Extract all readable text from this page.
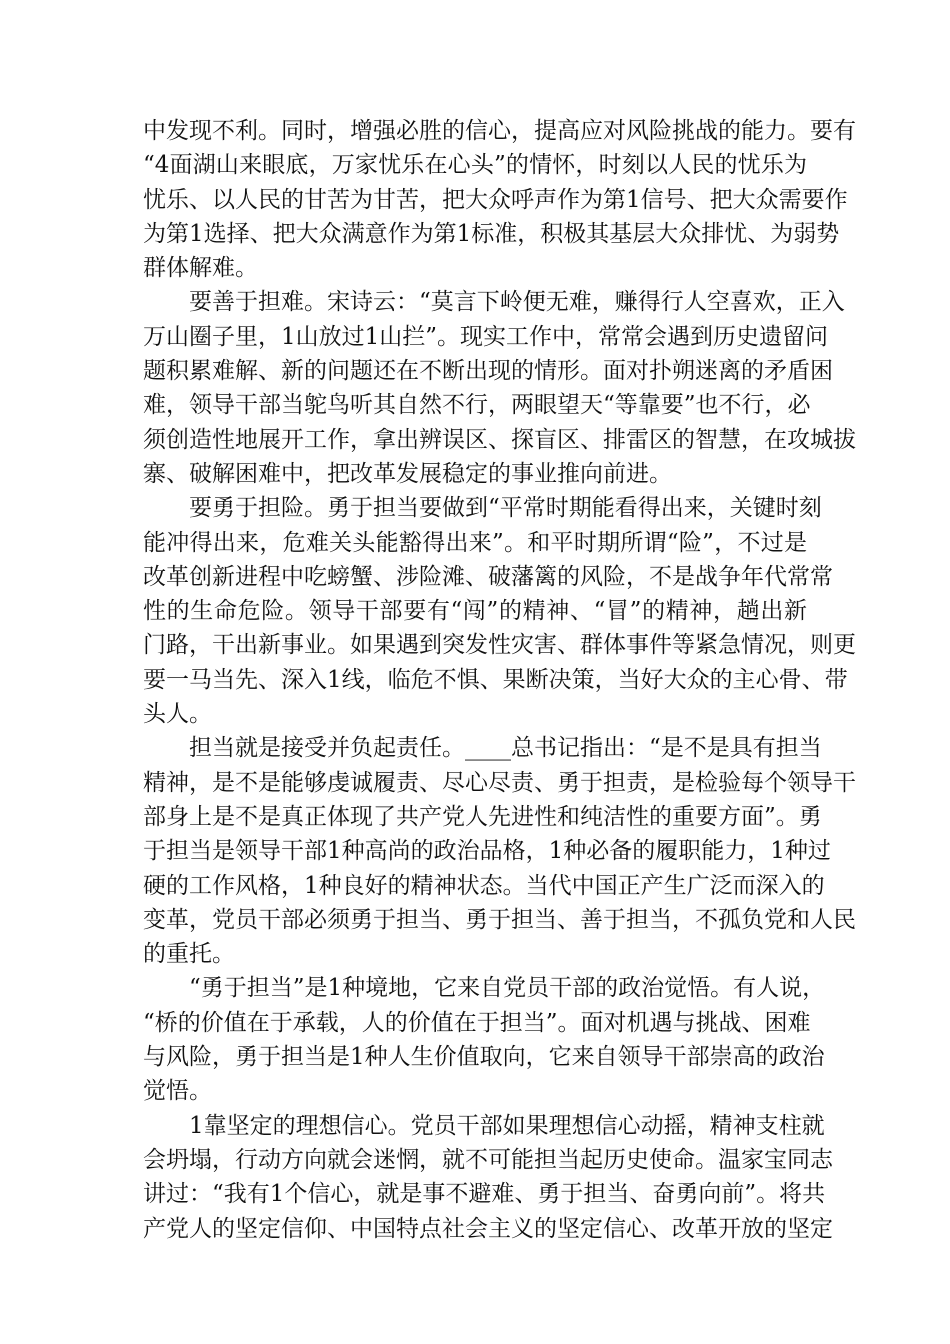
中发现不利。同时，增强必胜的信心，提高应对风险挑战的能力。要有

“4面湖山来眼底，万家忧乐在心头”的情怀，时刻以人民的忧乐为

忧乐、以人民的甘苦为甘苦，把大众呼声作为第1信号、把大众需要作

为第1选择、把大众满意作为第1标准，积极其基层大众排忧、为弱势

群体解难。

要善于担难。宋诗云：“莫言下岭便无难，赚得行人空喜欢，正入

万山圈子里，1山放过1山拦”。现实工作中，常常会遇到历史遗留问

题积累难解、新的问题还在不断出现的情形。面对扑朔迷离的矛盾困

难，领导干部当鸵鸟听其自然不行，两眼望天“等靠要”也不行，必

须创造性地展开工作，拿出辨误区、探盲区、排雷区的智慧，在攻城拔

寨、破解困难中，把改革发展稳定的事业推向前进。

要勇于担险。勇于担当要做到“平常时期能看得出来，关键时刻

能冲得出来，危难关头能豁得出来”。和平时期所谓“险”，不过是

改革创新进程中吃螃蟹、涉险滩、破藩篱的风险，不是战争年代常常

性的生命危险。领导干部要有“闯”的精神、“冒”的精神，趟出新

门路，干出新事业。如果遇到突发性灾害、群体事件等紧急情况，则更

要一马当先、深入1线，临危不惧、果断决策，当好大众的主心骨、带

头人。

担当就是接受并负起责任。____总书记指出：“是不是具有担当

精神，是不是能够虔诚履责、尽心尽责、勇于担责，是检验每个领导干

部身上是不是真正体现了共产党人先进性和纯洁性的重要方面”。勇

于担当是领导干部1种高尚的政治品格，1种必备的履职能力，1种过

硬的工作风格，1种良好的精神状态。当代中国正产生广泛而深入的

变革，党员干部必须勇于担当、勇于担当、善于担当，不孤负党和人民

的重托。

“勇于担当”是1种境地，它来自党员干部的政治觉悟。有人说，

“桥的价值在于承载，人的价值在于担当”。面对机遇与挑战、困难

与风险，勇于担当是1种人生价值取向，它来自领导干部崇高的政治

觉悟。

1靠坚定的理想信心。党员干部如果理想信心动摇，精神支柱就

会坍塌，行动方向就会迷惘，就不可能担当起历史使命。温家宝同志

讲过：“我有1个信心，就是事不避难、勇于担当、奋勇向前”。将共

产党人的坚定信仰、中国特点社会主义的坚定信心、改革开放的坚定
